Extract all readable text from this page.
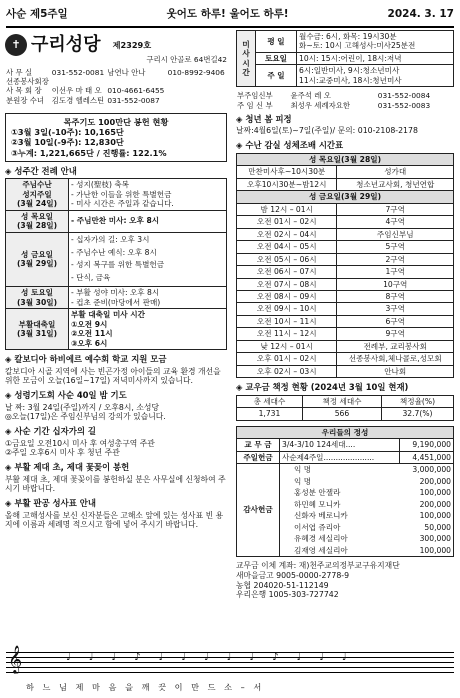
사순 제5주일	웃어도 하루! 울어도 하루!	2024. 3. 17
✝ 구리성당 제2329호
구리시 안골로 64번길42
사 무 실	031-552-0081	남연나 안나	010-8992-9406
선종봉사회장			
사 목 회 장	이선우 마 태 오	010-4661-6455	
분원장 수녀	김도경 헬레스틴	031-552-0087	
목주기도 100만단 봉헌 현황
①3월 3일(-10주): 10,165단
②3월 10일(-9주): 12,830단
③누계: 1,221,665단 / 진행률: 122.1%
◈ 성주간 전례 안내
주님수난
성지주일
(3월 24일)	- 성지(聖枝) 축복
- 가난한 이들을 위한 특별헌금
- 미사 시간은 주일과 같습니다.
성 목요일
(3월 28일)	- 주님만찬 미사: 오후 8시
성 금요일
(3월 29일)	- 십자가의 길: 오후 3시
- 주님수난 예식: 오후 8시
- 성지 복구를 위한 특별헌금
- 단식, 금육
성 토요일
(3월 30일)	- 부활 성야 미사: 오후 8시
- 컵초 준비(마당에서 판매)
부활대축일
(3월 31일)	부활 대축일 미사 시간
①오전 9시
②오전 11시
③오후 6시
◈ 칼보디아 하비에르 예수회 학교 지원 모금
칼보디아 시골 지역에 사는 빈곤가정 아이들의 교육 환경 개선을 위한 모금이 오늘(16일~17일) 저녁미사까지 있습니다.
◈ 성령기도회 사순 40일 밤 기도
날 짜: 3월 24일(주일)까지 / 오후8시, 소성당
◎오늘(17일)은 주임신부님의 강의가 있습니다.
◈ 사순 기간 십자가의 길
①금요일 오전10시 미사 후 여성총구역 주관
②주일 오후6시 미사 후 청년 주관
◈ 부활 제대 초, 제대 꽃꽂이 봉헌
부활 제대 초, 제대 꽃꽂이를 봉헌하실 분은 사무실에 신청하여 주시기 바랍니다.
◈ 부활 판공 성사표 안내
올해 고해성사를 보신 신자분들은 고해소 앞에 있는 성사표 빈 용지에 이름과 세례명 적으시고 함에 넣어 주시기 바랍니다.
미
사
시
간	평 일	월수금: 6시, 화목: 19시30분
화~토: 10시 고해성사:미사25분전
	토요일	10시: 15시:어린이, 18시:저녁
	주 일	6시:일반미사, 9시:청소년미사
11시:교중미사, 18시:청년미사
부주임신부	윤주석 레 오	031-552-0084
주 임 신 부	최성우 세례자요한	031-552-0083
◈ 청년 봄 피정
날짜:4월6일(토)~7일(주일)/ 문의: 010-2108-2178
◈ 수난 감실 성체조배 시간표
성 목요일(3월 28일)	
만찬미사후~10시30분	성가대
오후10시30분~밤12시	청소년교사회, 청년연합
성 금요일(3월 29일)	
밤 12시 – 01시	7구역
오전 01시 – 02시	4구역
오전 02시 – 04시	주임신부님
오전 04시 – 05시	5구역
오전 05시 – 06시	2구역
오전 06시 – 07시	1구역
오전 07시 – 08시	10구역
오전 08시 – 09시	8구역
오전 09시 – 10시	3구역
오전 10시 – 11시	6구역
오전 11시 – 12시	9구역
낮 12시 – 01시	전례부, 교리봉사회
오후 01시 – 02시	선종봉사회,체나콜로,성모회
오후 02시 – 03시	안나회
◈ 교우금 책정 현황 (2024년 3월 10일 현재)
총 세대수	책정 세대수	책정율(%)
1,731	566	32.7(%)
우리들의 정성
교 무 금	3/4-3/10 124세대....	9,190,000
주일헌금	사순제4주일.....................	4,451,000
감사헌금	
익 명	3,000,000
익 명	200,000
홍성분 안젤라	100,000
하민혜 모니카	200,000
신화자 베로니카	100,000
이서엽 쥬리아	50,000
유혜경 세실리아	300,000
김재영 세실리아	100,000
교무금 이체 계좌: 재)천주교의정부교구유지재단
새마을금고 9005-0000-2778-9
농협 204020-51-112149
우리은행 1005-303-727742
𝄞	♩♩♩♪♩♩♩♩♩♪♩♩♩
하 느 님 제 마 음 을 깨 끗 이 만 드 소 – 서
